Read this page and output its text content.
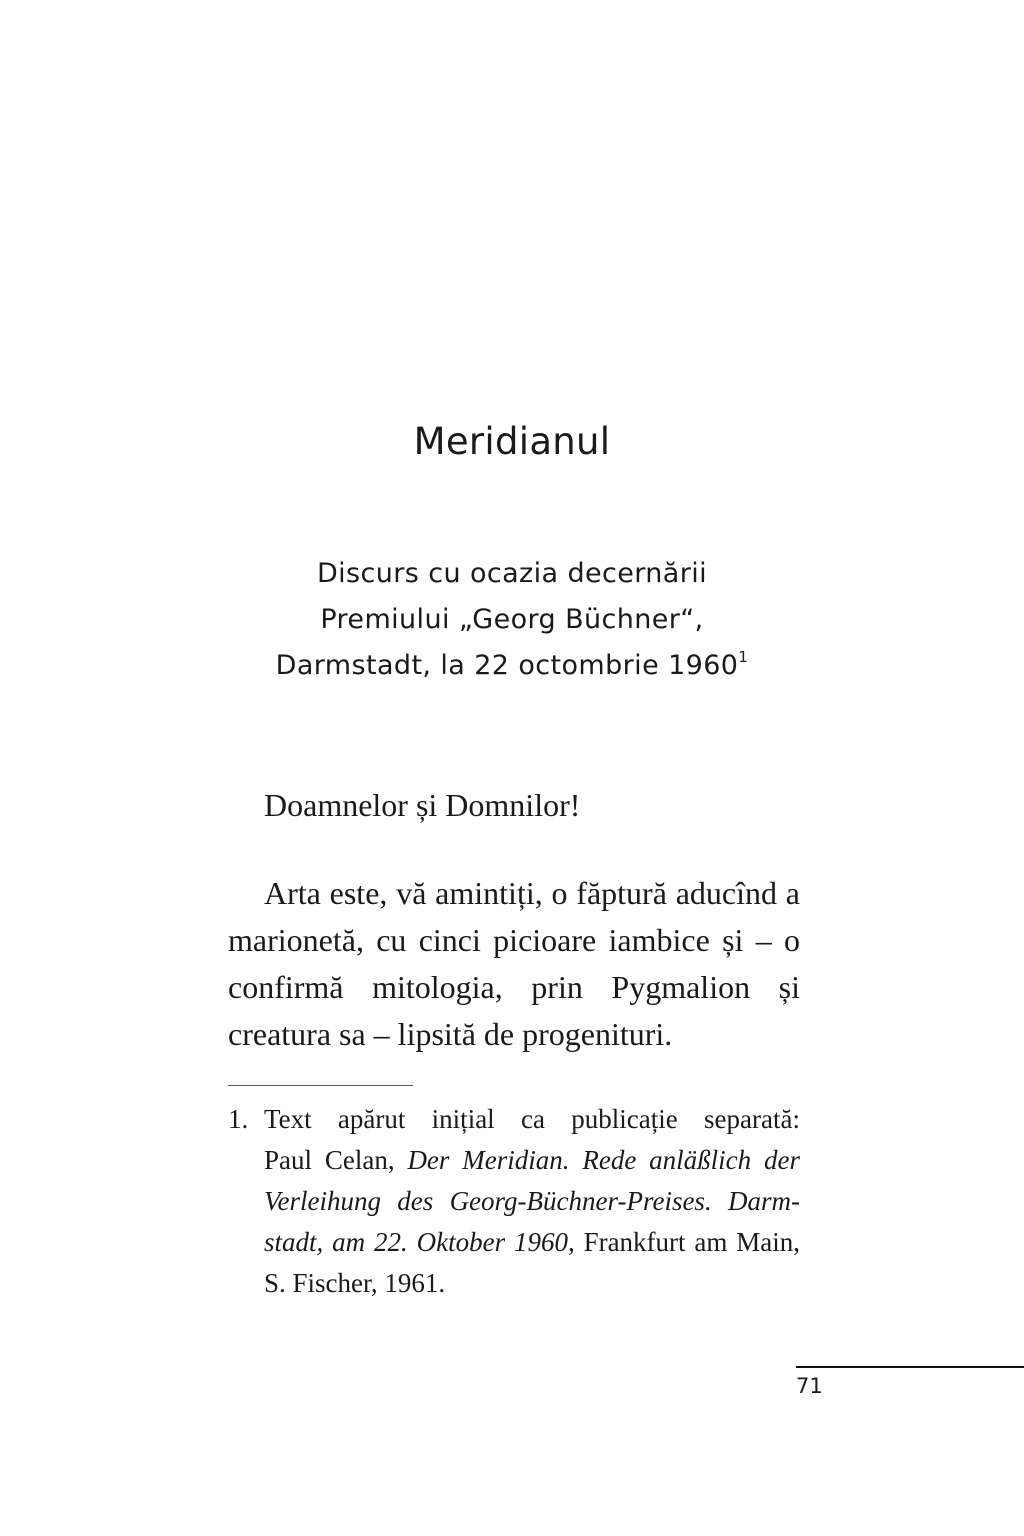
Meridianul

Discurs cu ocazia decernării
Premiului „Georg Büchner“,
Darmstadt, la 22 octombrie 1960$^1$

Doamnelor și Domnilor!

Arta este, vă amintiți, o făptură aducînd a marionetă, cu cinci picioare iambice și – o confirmă mitologia, prin Pygmalion și creatura sa – lipsită de progenituri.

1. Text apărut inițial ca publicație separată:
Paul Celan, Der Meridian. Rede anläßlich der
Verleihung des Georg-Büchner-Preises. Darm-
stadt, am 22. Oktober 1960, Frankfurt am Main,
S. Fischer, 1961.

71
